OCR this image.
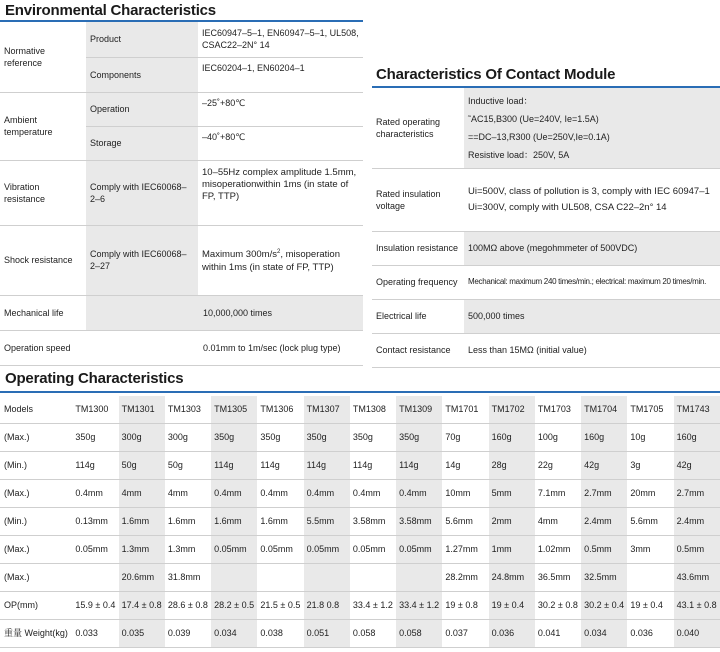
Environmental Characteristics
Normative reference	Product	IEC60947–5–1, EN60947–5–1, UL508, CSAC22–2N° 14
	Components	IEC60204–1, EN60204–1
Ambient temperature	Operation	–25˚+80℃
	Storage	–40˚+80℃
Vibration resistance	Comply with IEC60068–2–6	10–55Hz complex amplitude 1.5mm, misoperationwithin 1ms (in state of FP, TTP)
Shock resistance	Comply with IEC60068–2–27	Maximum $300m/s^2$, misoperation within 1ms (in state of FP, TTP)
Mechanical life	10,000,000 times	
Operation speed	0.01mm to 1m/sec (lock plug type)	
Characteristics Of Contact Module
Rated operating characteristics	Inductive load：
˜AC15,B300 (Ue=240V, Ie=1.5A)
==DC–13,R300 (Ue=250V,Ie=0.1A)
Resistive load：250V, 5A

Rated insulation voltage	Ui=500V, class of pollution is 3, comply with IEC 60947–1
Ui=300V, comply with UL508, CSA C22–2n° 14

Insulation resistance	100MΩ above (megohmmeter of 500VDC)
Operating frequency	Mechanical: maximum 240 times/min.; electrical: maximum 20 times/min.
Electrical life	500,000 times
Contact resistance	Less than 15MΩ (initial value)
Operating Characteristics
Models	TM1300	TM1301	TM1303	TM1305	TM1306	TM1307	TM1308	TM1309	TM1701	TM1702	TM1703	TM1704	TM1705	TM1743
(Max.)	350g	300g	300g	350g	350g	350g	350g	350g	70g	160g	100g	160g	10g	160g
(Min.)	114g	50g	50g	114g	114g	114g	114g	114g	14g	28g	22g	42g	3g	42g
(Max.)	0.4mm	4mm	4mm	0.4mm	0.4mm	0.4mm	0.4mm	0.4mm	10mm	5mm	7.1mm	2.7mm	20mm	2.7mm
(Min.)	0.13mm	1.6mm	1.6mm	1.6mm	1.6mm	5.5mm	3.58mm	3.58mm	5.6mm	2mm	4mm	2.4mm	5.6mm	2.4mm
(Max.)	0.05mm	1.3mm	1.3mm	0.05mm	0.05mm	0.05mm	0.05mm	0.05mm	1.27mm	1mm	1.02mm	0.5mm	3mm	0.5mm
(Max.)		20.6mm	31.8mm						28.2mm	24.8mm	36.5mm	32.5mm		43.6mm
OP(mm)	15.9 ± 0.4	17.4 ± 0.8	28.6 ± 0.8	28.2 ± 0.5	21.5 ± 0.5	21.8 0.8	33.4 ± 1.2	33.4 ± 1.2	19 ± 0.8	19 ± 0.4	30.2 ± 0.8	30.2 ± 0.4	19 ± 0.4	43.1 ± 0.8
重量 Weight(kg)	0.033	0.035	0.039	0.034	0.038	0.051	0.058	0.058	0.037	0.036	0.041	0.034	0.036	0.040
